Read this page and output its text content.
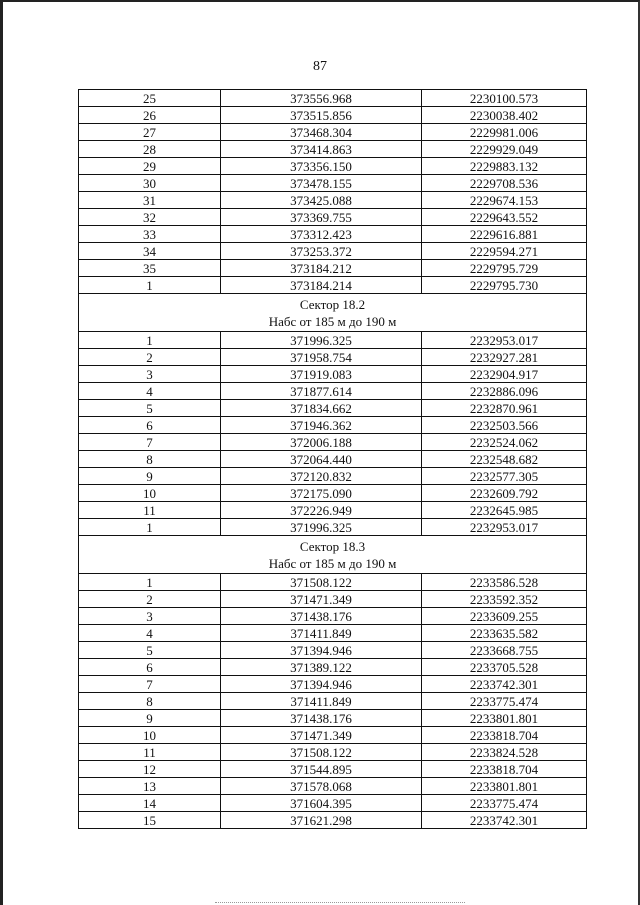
87
25	373556.968	2230100.573
26	373515.856	2230038.402
27	373468.304	2229981.006
28	373414.863	2229929.049
29	373356.150	2229883.132
30	373478.155	2229708.536
31	373425.088	2229674.153
32	373369.755	2229643.552
33	373312.423	2229616.881
34	373253.372	2229594.271
35	373184.212	2229795.729
1	373184.214	2229795.730

Сектор 18.2
Набс от 185 м до 190 м		

1	371996.325	2232953.017
2	371958.754	2232927.281
3	371919.083	2232904.917
4	371877.614	2232886.096
5	371834.662	2232870.961
6	371946.362	2232503.566
7	372006.188	2232524.062
8	372064.440	2232548.682
9	372120.832	2232577.305
10	372175.090	2232609.792
11	372226.949	2232645.985
1	371996.325	2232953.017

Сектор 18.3
Набс от 185 м до 190 м		

1	371508.122	2233586.528
2	371471.349	2233592.352
3	371438.176	2233609.255
4	371411.849	2233635.582
5	371394.946	2233668.755
6	371389.122	2233705.528
7	371394.946	2233742.301
8	371411.849	2233775.474
9	371438.176	2233801.801
10	371471.349	2233818.704
11	371508.122	2233824.528
12	371544.895	2233818.704
13	371578.068	2233801.801
14	371604.395	2233775.474
15	371621.298	2233742.301
